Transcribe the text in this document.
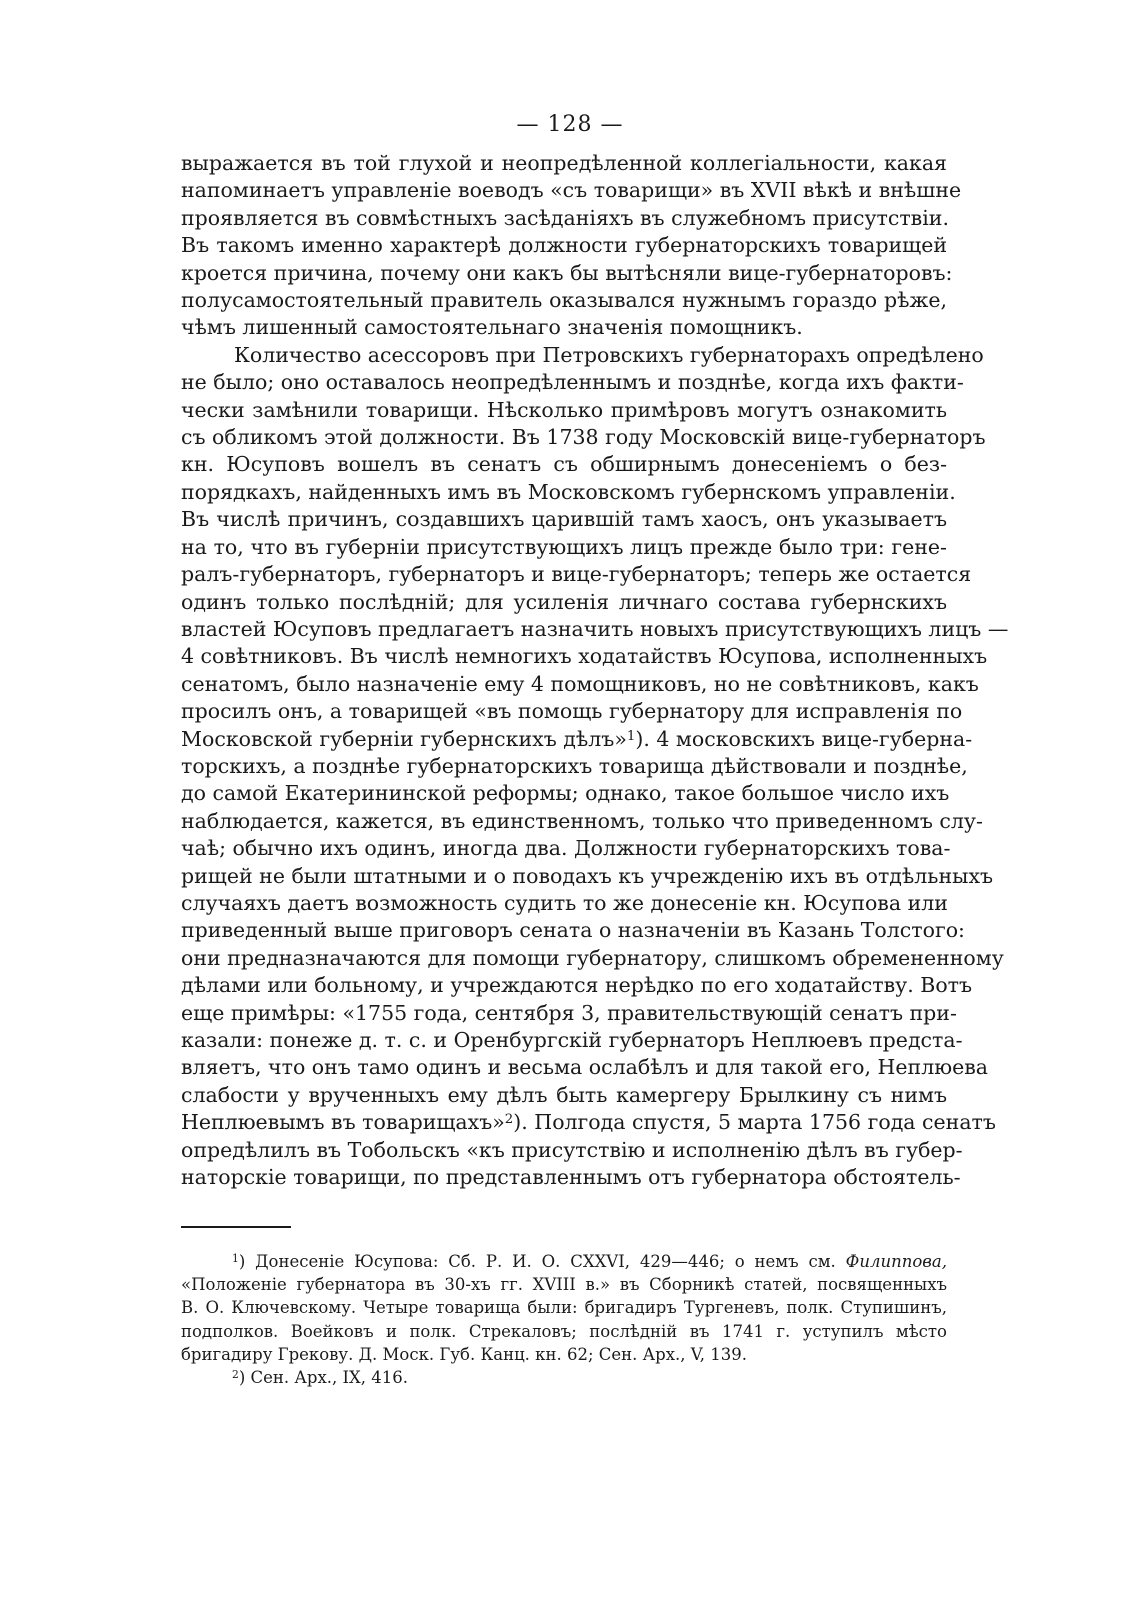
— 128 —

выражается въ той глухой и неопредѣленной коллегіальности, какая
напоминаетъ управленіе воеводъ «съ товарищи» въ XVII вѣкѣ и внѣшне
проявляется въ совмѣстныхъ засѣданіяхъ въ служебномъ присутствіи.
Въ такомъ именно характерѣ должности губернаторскихъ товарищей
кроется причина, почему они какъ бы вытѣсняли вице-губернаторовъ:
полусамостоятельный правитель оказывался нужнымъ гораздо рѣже,
чѣмъ лишенный самостоятельнаго значенія помощникъ.

Количество асессоровъ при Петровскихъ губернаторахъ опредѣлено
не было; оно оставалось неопредѣленнымъ и позднѣе, когда ихъ факти-
чески замѣнили товарищи. Нѣсколько примѣровъ могутъ ознакомить
съ обликомъ этой должности. Въ 1738 году Московскій вице-губернаторъ
кн. Юсуповъ вошелъ въ сенатъ съ обширнымъ донесеніемъ о без-
порядкахъ, найденныхъ имъ въ Московскомъ губернскомъ управленіи.
Въ числѣ причинъ, создавшихъ царившій тамъ хаосъ, онъ указываетъ
на то, что въ губерніи присутствующихъ лицъ прежде было три: гене-
ралъ-губернаторъ, губернаторъ и вице-губернаторъ; теперь же остается
одинъ только послѣдній; для усиленія личнаго состава губернскихъ
властей Юсуповъ предлагаетъ назначить новыхъ присутствующихъ лицъ —
4 совѣтниковъ. Въ числѣ немногихъ ходатайствъ Юсупова, исполненныхъ
сенатомъ, было назначеніе ему 4 помощниковъ, но не совѣтниковъ, какъ
просилъ онъ, а товарищей «въ помощь губернатору для исправленія по
Московской губерніи губернскихъ дѣлъ»$^1$). 4 московскихъ вице-губерна-
торскихъ, а позднѣе губернаторскихъ товарища дѣйствовали и позднѣе,
до самой Екатерининской реформы; однако, такое большое число ихъ
наблюдается, кажется, въ единственномъ, только что приведенномъ слу-
чаѣ; обычно ихъ одинъ, иногда два. Должности губернаторскихъ това-
рищей не были штатными и о поводахъ къ учрежденію ихъ въ отдѣльныхъ
случаяхъ даетъ возможность судить то же донесеніе кн. Юсупова или
приведенный выше приговоръ сената о назначеніи въ Казань Толстого:
они предназначаются для помощи губернатору, слишкомъ обремененному
дѣлами или больному, и учреждаются нерѣдко по его ходатайству. Вотъ
еще примѣры: «1755 года, сентября 3, правительствующій сенатъ при-
казали: понеже д. т. с. и Оренбургскій губернаторъ Неплюевъ предста-
вляетъ, что онъ тамо одинъ и весьма ослабѣлъ и для такой его, Неплюева
слабости у врученныхъ ему дѣлъ быть камергеру Брылкину съ нимъ
Неплюевымъ въ товарищахъ»$^2$). Полгода спустя, 5 марта 1756 года сенатъ
опредѣлилъ въ Тобольскъ «къ присутствію и исполненію дѣлъ въ губер-
наторскіе товарищи, по представленнымъ отъ губернатора обстоятель-

$^1$) Донесеніе Юсупова: Сб. Р. И. О. CXXVI, 429—446; о немъ см. Филиппова,
«Положеніе губернатора въ 30-хъ гг. XVIII в.» въ Сборникѣ статей, посвященныхъ
В. О. Ключевскому. Четыре товарища были: бригадиръ Тургеневъ, полк. Ступишинъ,
подполков. Воейковъ и полк. Стрекаловъ; послѣдній въ 1741 г. уступилъ мѣсто
бригадиру Грекову. Д. Моск. Губ. Канц. кн. 62; Сен. Арх., V, 139.
$^2$) Сен. Арх., IX, 416.
